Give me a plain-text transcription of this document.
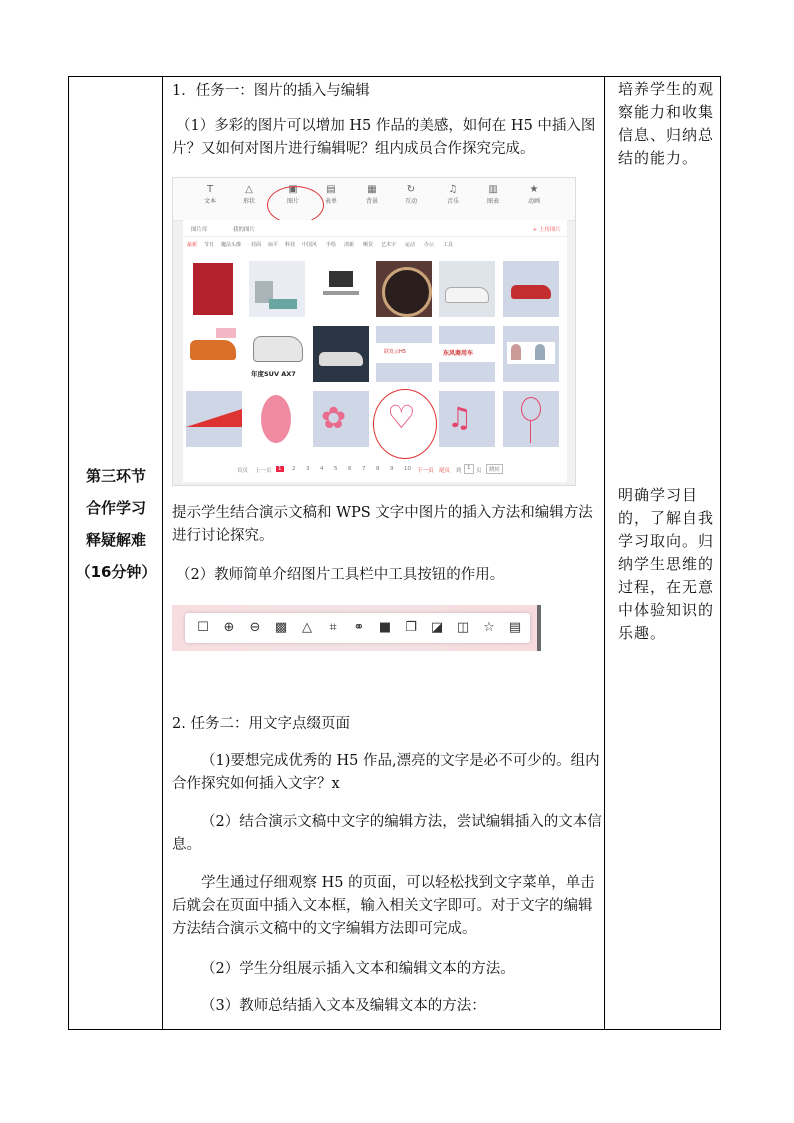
第三环节
合作学习
释疑解难
（16分钟）

1．任务一：图片的插入与编辑

（1）多彩的图片可以增加 H5 作品的美感，如何在 H5 中插入图片？又如何对图片进行编辑呢？组内成员合作探究完成。

T
文本
△
形状
▣
图片
▤
表单
▦
背景
↻
互动
♫
音乐
▥
图表
★
动画
图片库	我的图片	+ 上传图片
最新 节日 魔法头像 封面 扁平 科技 中国风 手绘 清新 晒货 艺术字 运动 办公 工具
年度SUV AX7
联发云H5	东风商用车
✿ ♡ ♫
首页 上一页	1	2 3 4 5 6 7 8 9 10 下一页 尾页 到 1	页	跳转

提示学生结合演示文稿和 WPS 文字中图片的插入方法和编辑方法进行讨论探究。

（2）教师简单介绍图片工具栏中工具按钮的作用。

☐ ⊕ ⊖ ▩ △	⌗	⚭ ■ ❐ ◪ ◫ ☆ ▤

2. 任务二：用文字点缀页面

（1)要想完成优秀的 H5 作品,漂亮的文字是必不可少的。组内合作探究如何插入文字？x

（2）结合演示文稿中文字的编辑方法，尝试编辑插入的文本信息。

学生通过仔细观察 H5 的页面，可以轻松找到文字菜单，单击后就会在页面中插入文本框，输入相关文字即可。对于文字的编辑方法结合演示文稿中的文字编辑方法即可完成。

（2）学生分组展示插入文本和编辑文本的方法。

（3）教师总结插入文本及编辑文本的方法：

培养学生的观察能力和收集信息、归纳总结的能力。

明确学习目的，了解自我学习取向。归纳学生思维的过程，在无意中体验知识的乐趣。
